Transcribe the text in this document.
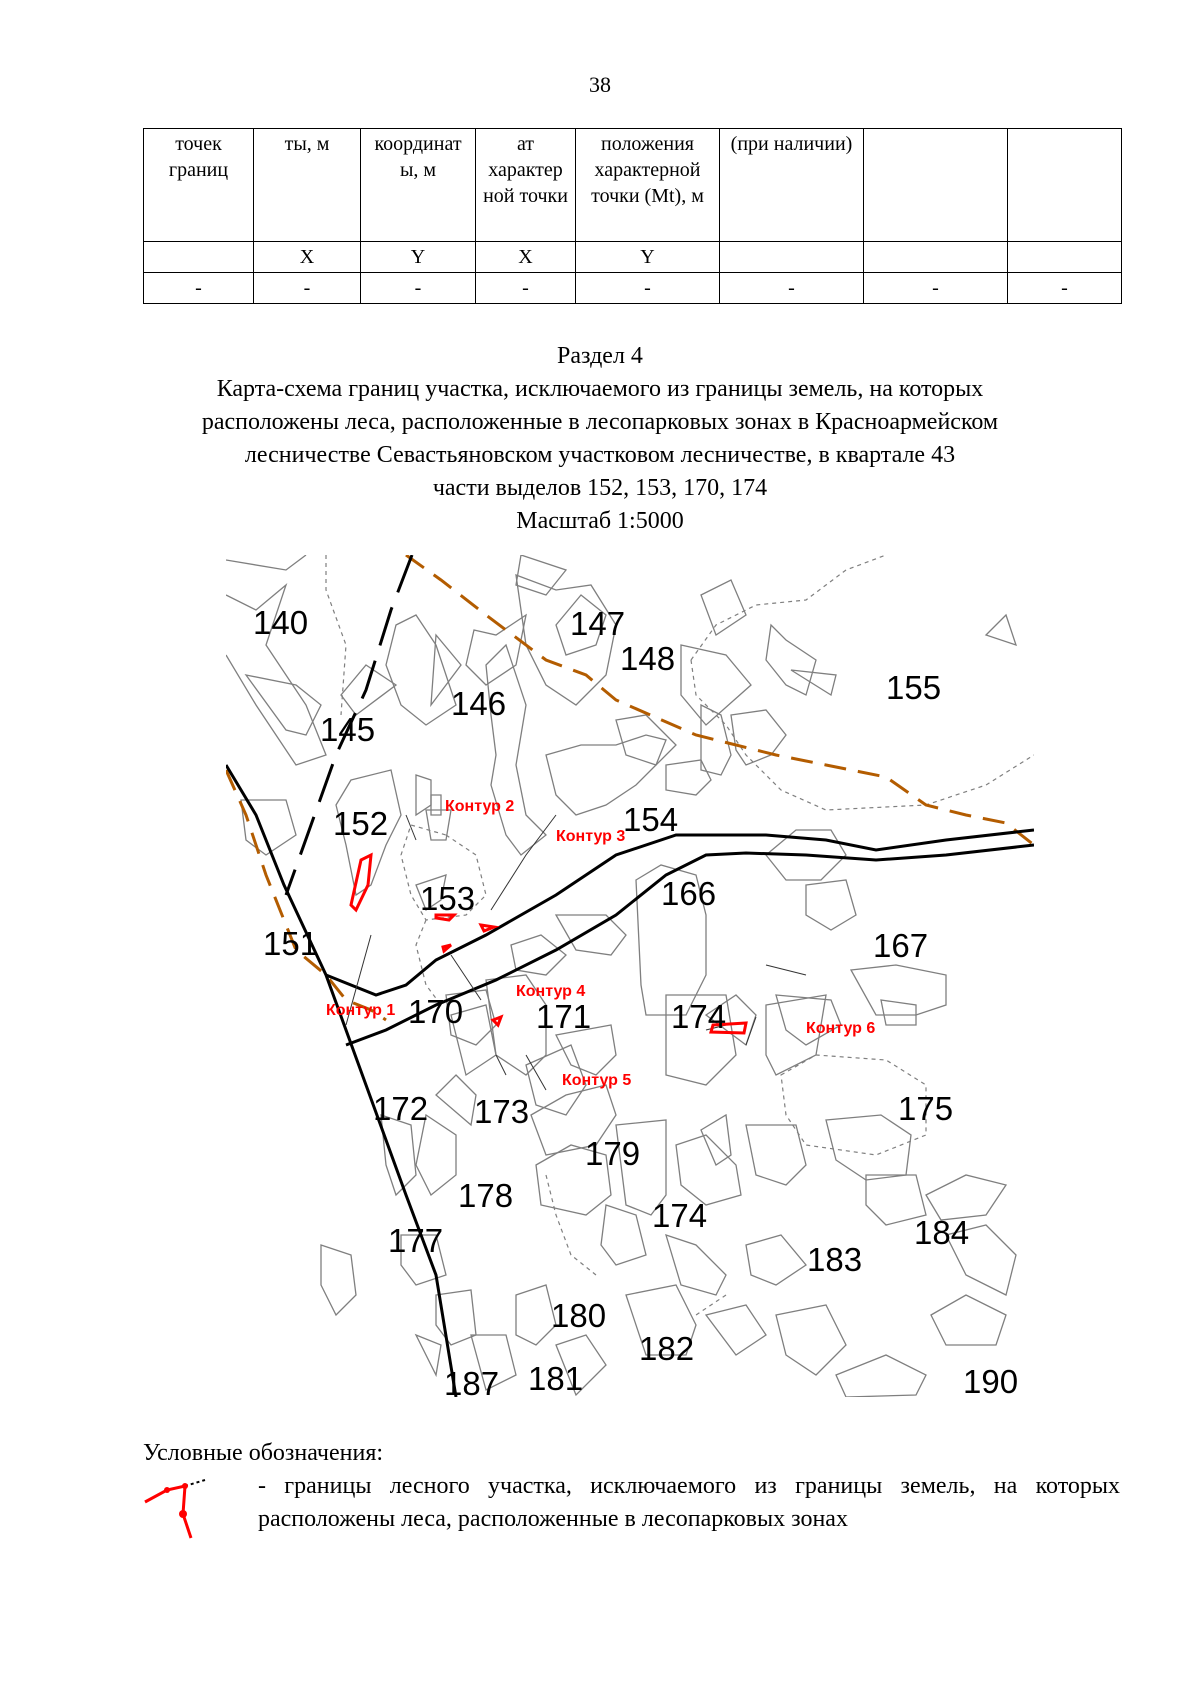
38
точек границ	ты, м	координат ы, м	ат характер ной точки	положения характерной точки (Mt), м	(при наличии)		
	X	Y	X	Y			
-	-	-	-	-	-	-	-
Раздел 4
Карта-схема границ участка, исключаемого из границы земель, на которых
расположены леса, расположенные в лесопарковых зонах в Красноармейском
лесничестве Севастьяновском участковом лесничестве, в квартале 43
части выделов 152, 153, 170, 174
Масштаб 1:5000
140
145
146
147
148
155
152	154
153	166
151	167
170 171 174
172 173	175
179
178
174	184
177
183
180
182
187 181	190
Контур 1
Контур 2
Контур 3
Контур 4
Контур 5
Контур 6
Условные обозначения:
- границы лесного участка, исключаемого из границы земель, на которых расположены леса, расположенные в лесопарковых зонах
